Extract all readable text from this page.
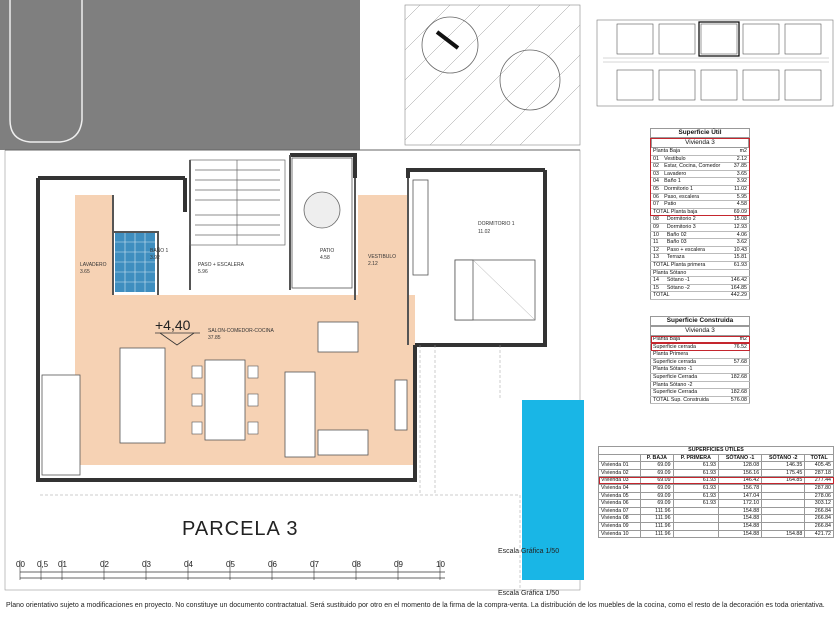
LAVADERO
3.65
BAÑO 1
3.92
PASO + ESCALERA
5.96
PATIO
4.58	VESTIBULO
2.12
DORMITORIO 1
11.02
SALON-COMEDOR-COCINA
37.85
+4,40
PARCELA 3
Escala Gráfica 1/50
00 0,5 01	02	03	04	05	06	07	08	09	10
Superficie Útil
Vivienda 3
Planta Baja		m2
01	Vestibulo	2.12
02	Estar, Cocina, Comedor	37.85
03	Lavadero	3.65
04	Baño 1	3.92
05	Dormitorio 1	11.02
06	Paso, escalera	5.95
07	Patio	4.58
TOTAL Planta baja		69.09
08	Dormitorio 2	15.08
09	Dormitorio 3	12.93
10	Baño 02	4.06
11	Baño 03	3.62
12	Paso + escalera	10.43
13	Terraza	15.81
TOTAL Planta primera		61.93
Planta Sótano		
14	Sótano -1	146.42
15	Sótano -2	164.85
TOTAL		442.29
Superficie Construida
Vivienda 3
Planta Baja	m2
Superficie cerrada	76.52
Planta Primera	
Superficie cerrada	57.68
Planta Sótano -1	
Superficie Cerrada	182.68
Planta Sótano -2	
Superficie Cerrada	182.68
TOTAL Sup. Construida	576.08
SUPERFICIES ÚTILES					
	P. BAJA	P. PRIMERA	SÓTANO -1	SÓTANO -2	TOTAL
Vivienda 01	69.09	61.93	128.08	146.35	405.45
Vivienda 02	69.09	61.93	156.16	175.45	287.18
Vivienda 03	69.09	61.93	146.42	164.85	277.44
Vivienda 04	69.09	61.93	156.78		287.80
Vivienda 05	69.09	61.93	147.04		278.06
Vivienda 06	69.09	61.93	172.10		303.12
Vivienda 07	111.96		154.88		266.84
Vivienda 08	111.96		154.88		266.84
Vivienda 09	111.96		154.88		266.84
Vivienda 10	111.96		154.88	154.88	421.72
Escala Gráfica 1/50
Plano orientativo sujeto a modificaciones en proyecto. No constituye un documento contractatual. Será sustituido por otro en el momento de la firma de la compra-venta. La distribución de los muebles de la cocina, como el resto de la decoración es toda orientativa.
